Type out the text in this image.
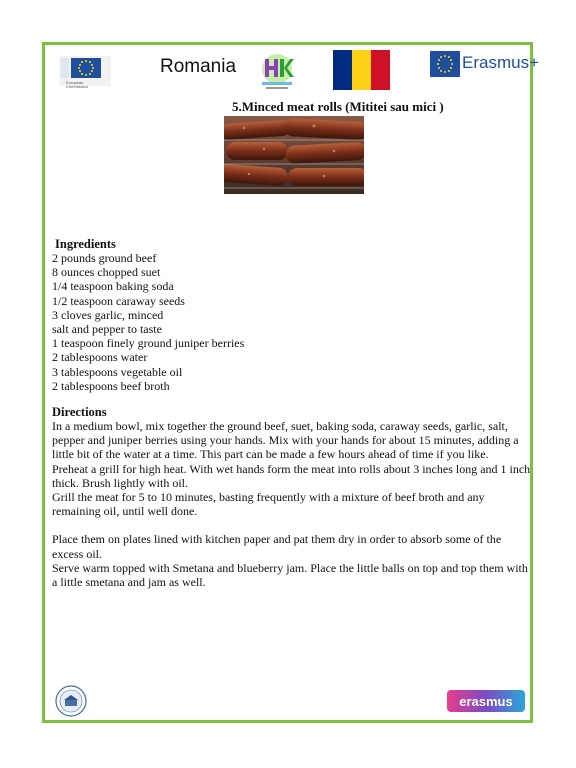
European Commission
Romania	Erasmus+
5.Minced meat rolls (Mititei sau mici )
Ingredients
2 pounds ground beef
8 ounces chopped suet
1/4 teaspoon baking soda
1/2 teaspoon caraway seeds
3 cloves garlic, minced
salt and pepper to taste
1 teaspoon finely ground juniper berries
2 tablespoons water
3 tablespoons vegetable oil
2 tablespoons beef broth
Directions

In a medium bowl, mix together the ground beef, suet, baking soda, caraway seeds, garlic, salt, pepper and juniper berries using your hands. Mix with your hands for about 15 minutes, adding a little bit of the water at a time. This part can be made a few hours ahead of time if you like.

Preheat a grill for high heat. With wet hands form the meat into rolls about 3 inches long and 1 inch thick. Brush lightly with oil.

Grill the meat for 5 to 10 minutes, basting frequently with a mixture of beef broth and any remaining oil, until well done.

Place them on plates lined with kitchen paper and pat them dry in order to absorb some of the excess oil.

Serve warm topped with Smetana and blueberry jam. Place the little balls on top and top them with a little smetana and jam as well.

erasmus
